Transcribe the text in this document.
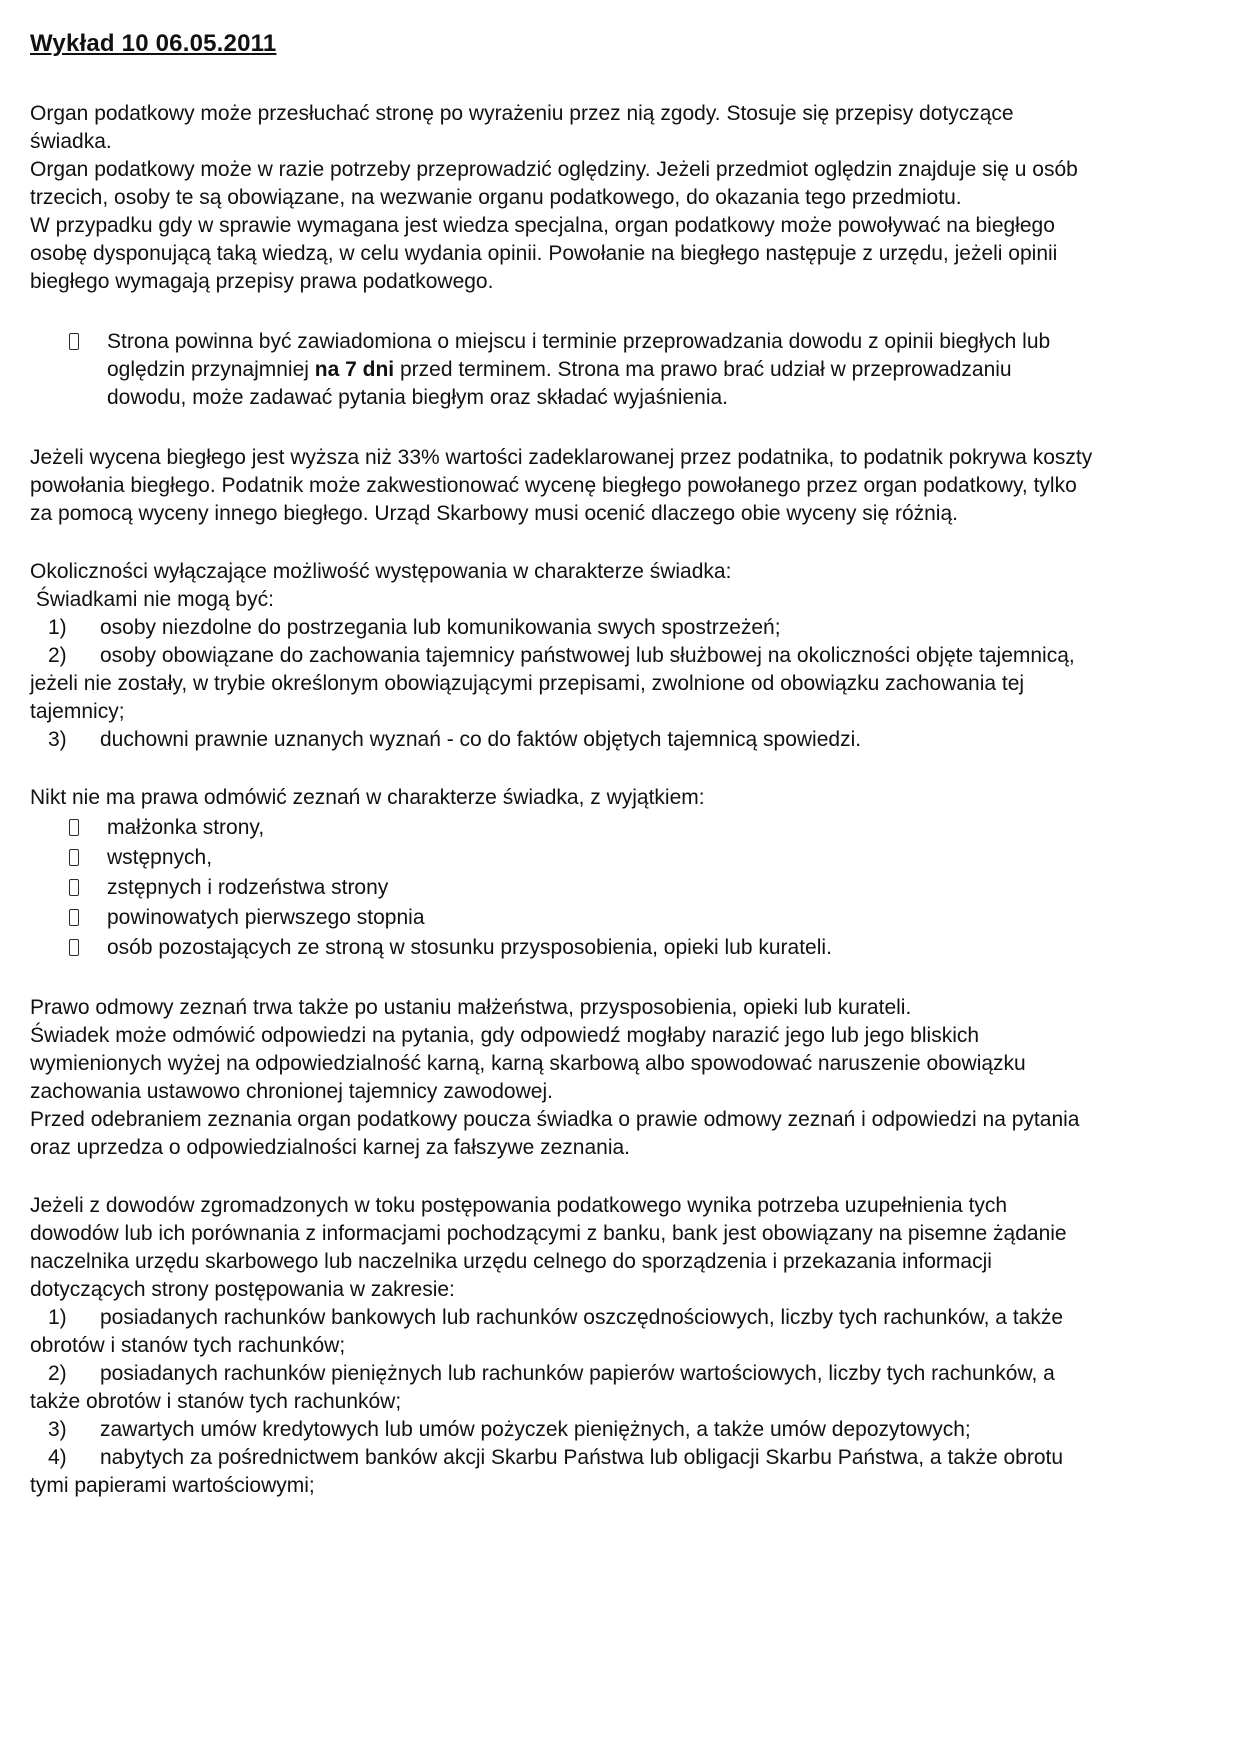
Wykład 10 06.05.2011

Organ podatkowy może przesłuchać stronę po wyrażeniu przez nią zgody. Stosuje się przepisy dotyczące świadka.

Organ podatkowy może w razie potrzeby przeprowadzić oględziny. Jeżeli przedmiot oględzin znajduje się u osób trzecich, osoby te są obowiązane, na wezwanie organu podatkowego, do okazania tego przedmiotu.

W przypadku gdy w sprawie wymagana jest wiedza specjalna, organ podatkowy może powoływać na biegłego osobę dysponującą taką wiedzą, w celu wydania opinii. Powołanie na biegłego następuje z urzędu, jeżeli opinii biegłego wymagają przepisy prawa podatkowego.

Strona powinna być zawiadomiona o miejscu i terminie przeprowadzania dowodu z opinii biegłych lub oględzin przynajmniej na 7 dni przed terminem. Strona ma prawo brać udział w przeprowadzaniu dowodu, może zadawać pytania biegłym oraz składać wyjaśnienia.

Jeżeli wycena biegłego jest wyższa niż 33% wartości zadeklarowanej przez podatnika, to podatnik pokrywa koszty powołania biegłego. Podatnik może zakwestionować wycenę biegłego powołanego przez organ podatkowy, tylko za pomocą wyceny innego biegłego. Urząd Skarbowy musi ocenić dlaczego obie wyceny się różnią.

Okoliczności wyłączające możliwość występowania w charakterze świadka:

Świadkami nie mogą być:

1) osoby niezdolne do postrzegania lub komunikowania swych spostrzeżeń;

2) osoby obowiązane do zachowania tajemnicy państwowej lub służbowej na okoliczności objęte tajemnicą, jeżeli nie zostały, w trybie określonym obowiązującymi przepisami, zwolnione od obowiązku zachowania tej tajemnicy;

3) duchowni prawnie uznanych wyznań - co do faktów objętych tajemnicą spowiedzi.

Nikt nie ma prawa odmówić zeznań w charakterze świadka, z wyjątkiem:

małżonka strony,
wstępnych,
zstępnych i rodzeństwa strony
powinowatych pierwszego stopnia
osób pozostających ze stroną w stosunku przysposobienia, opieki lub kurateli.

Prawo odmowy zeznań trwa także po ustaniu małżeństwa, przysposobienia, opieki lub kurateli.

Świadek może odmówić odpowiedzi na pytania, gdy odpowiedź mogłaby narazić jego lub jego bliskich wymienionych wyżej na odpowiedzialność karną, karną skarbową albo spowodować naruszenie obowiązku zachowania ustawowo chronionej tajemnicy zawodowej.

Przed odebraniem zeznania organ podatkowy poucza świadka o prawie odmowy zeznań i odpowiedzi na pytania oraz uprzedza o odpowiedzialności karnej za fałszywe zeznania.

Jeżeli z dowodów zgromadzonych w toku postępowania podatkowego wynika potrzeba uzupełnienia tych dowodów lub ich porównania z informacjami pochodzącymi z banku, bank jest obowiązany na pisemne żądanie naczelnika urzędu skarbowego lub naczelnika urzędu celnego do sporządzenia i przekazania informacji dotyczących strony postępowania w zakresie:

1) posiadanych rachunków bankowych lub rachunków oszczędnościowych, liczby tych rachunków, a także obrotów i stanów tych rachunków;

2) posiadanych rachunków pieniężnych lub rachunków papierów wartościowych, liczby tych rachunków, a także obrotów i stanów tych rachunków;

3) zawartych umów kredytowych lub umów pożyczek pieniężnych, a także umów depozytowych;

4) nabytych za pośrednictwem banków akcji Skarbu Państwa lub obligacji Skarbu Państwa, a także obrotu tymi papierami wartościowymi;
